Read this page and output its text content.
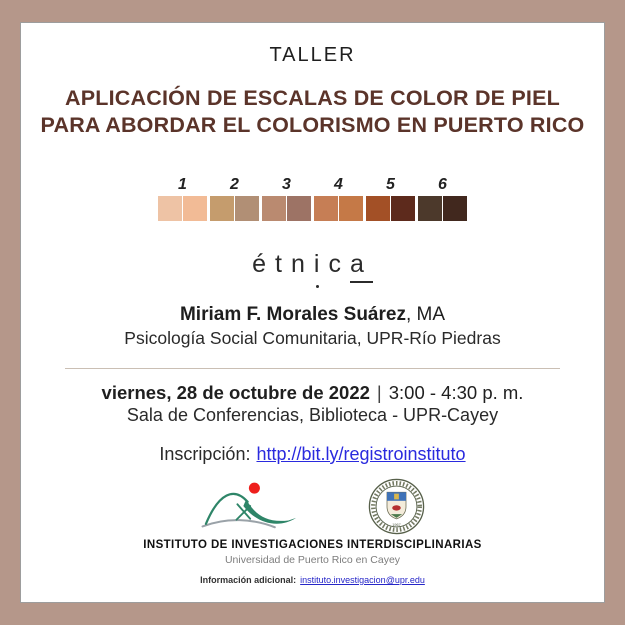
TALLER
APLICACIÓN DE ESCALAS DE COLOR DE PIEL
PARA ABORDAR EL COLORISMO EN PUERTO RICO
1	2	3	4	5	6
étn i c a
Miriam F. Morales Suárez, MA
Psicología Social Comunitaria, UPR-Río Piedras
viernes, 28 de octubre de 2022 | 3:00 - 4:30 p. m.
Sala de Conferencias, Biblioteca - UPR-Cayey
Inscripción: http://bit.ly/registroinstituto
1967
INSTITUTO DE INVESTIGACIONES INTERDISCIPLINARIAS
Universidad de Puerto Rico en Cayey
Información adicional: instituto.investigacion@upr.edu
